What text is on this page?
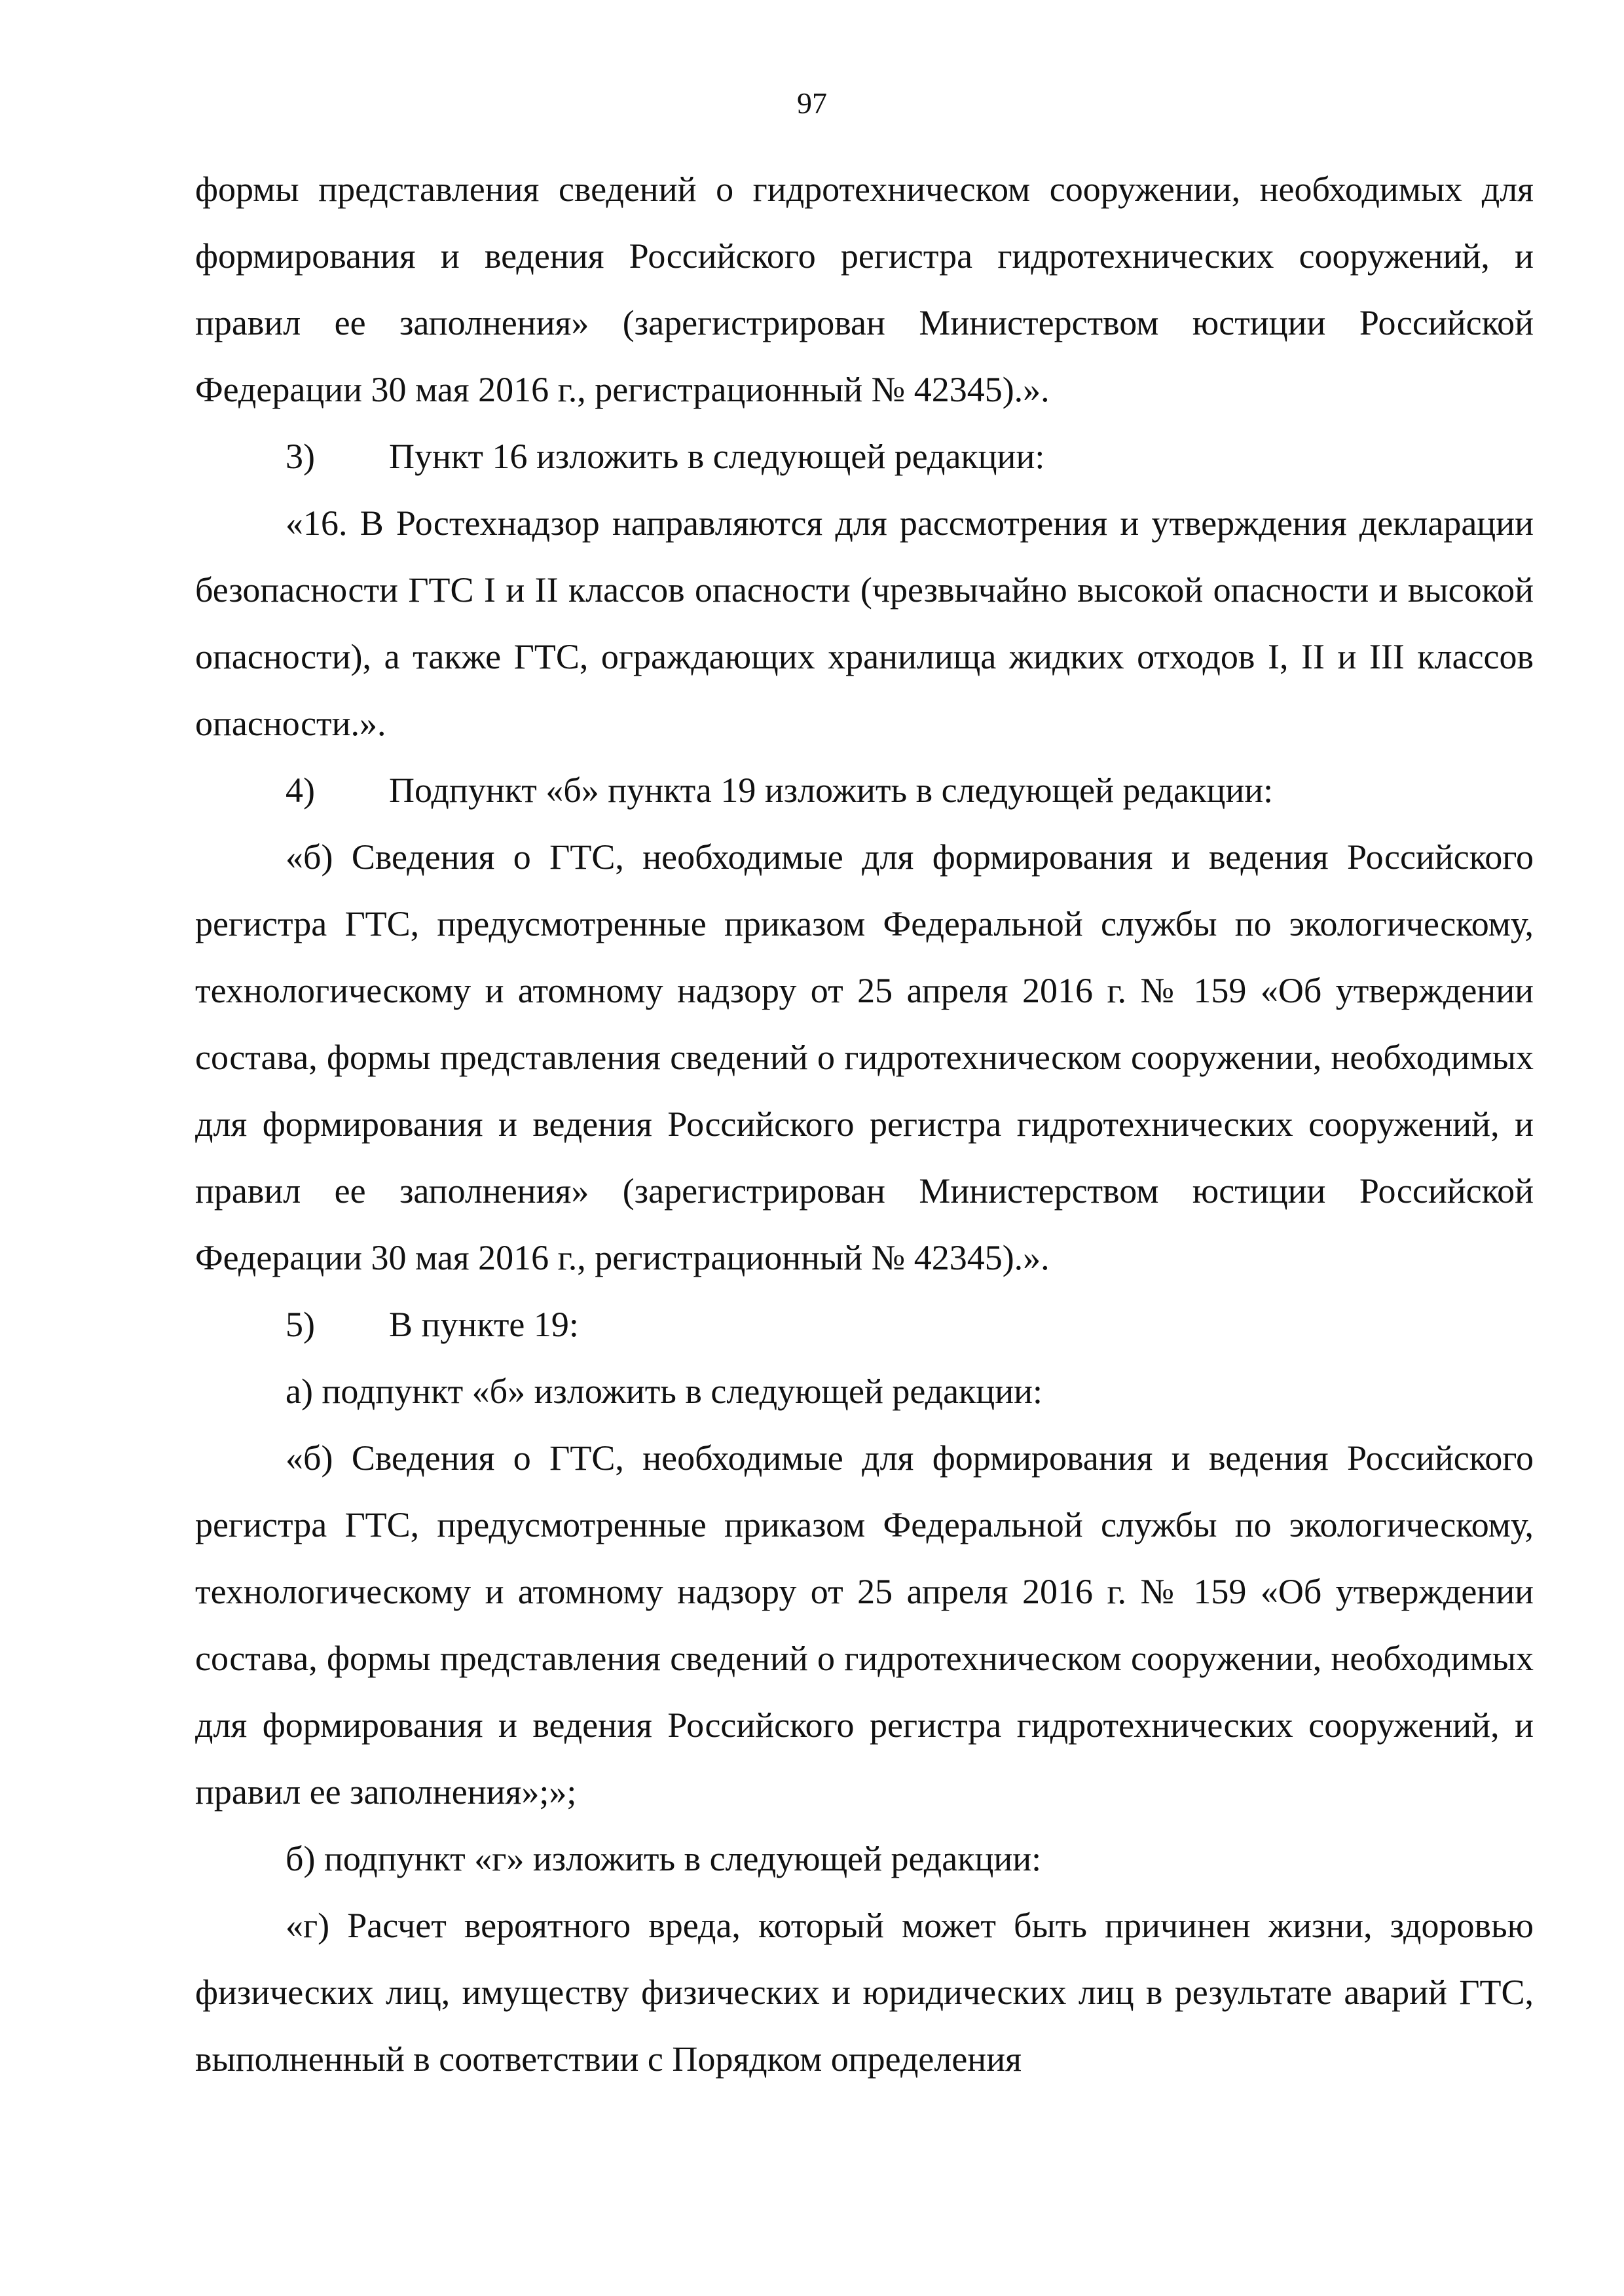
97

формы представления сведений о гидротехническом сооружении, необходимых для формирования и ведения Российского регистра гидротехнических сооружений, и правил ее заполнения» (зарегистрирован Министерством юстиции Российской Федерации 30 мая 2016 г., регистрационный № 42345).».

3) Пункт 16 изложить в следующей редакции:

«16. В Ростехнадзор направляются для рассмотрения и утверждения декларации безопасности ГТС I и II классов опасности (чрезвычайно высокой опасности и высокой опасности), а также ГТС, ограждающих хранилища жидких отходов I, II и III классов опасности.».

4) Подпункт «б» пункта 19 изложить в следующей редакции:

«б) Сведения о ГТС, необходимые для формирования и ведения Российского регистра ГТС, предусмотренные приказом Федеральной службы по экологическому, технологическому и атомному надзору от 25 апреля 2016 г. № 159 «Об утверждении состава, формы представления сведений о гидротехническом сооружении, необходимых для формирования и ведения Российского регистра гидротехнических сооружений, и правил ее заполнения» (зарегистрирован Министерством юстиции Российской Федерации 30 мая 2016 г., регистрационный № 42345).».

5) В пункте 19:

а) подпункт «б» изложить в следующей редакции:

«б) Сведения о ГТС, необходимые для формирования и ведения Российского регистра ГТС, предусмотренные приказом Федеральной службы по экологическому, технологическому и атомному надзору от 25 апреля 2016 г. № 159 «Об утверждении состава, формы представления сведений о гидротехническом сооружении, необходимых для формирования и ведения Российского регистра гидротехнических сооружений, и правил ее заполнения»;»;

б) подпункт «г» изложить в следующей редакции:

«г) Расчет вероятного вреда, который может быть причинен жизни, здоровью физических лиц, имуществу физических и юридических лиц в результате аварий ГТС, выполненный в соответствии с Порядком определения
